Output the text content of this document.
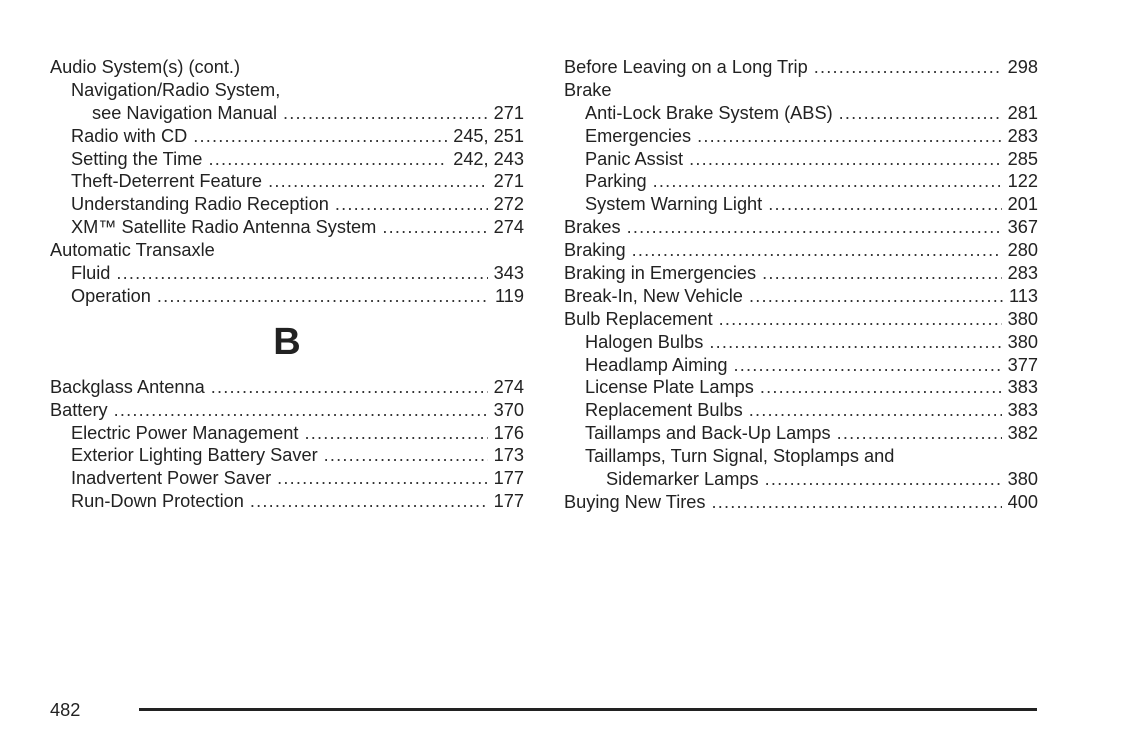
Audio System(s) (cont.)
Navigation/Radio System,
see Navigation Manual .....	271
Radio with CD .....	245, 251
Setting the Time .....	242, 243
Theft-Deterrent Feature .....	271
Understanding Radio Reception .....	272
XM™ Satellite Radio Antenna System .....	274
Automatic Transaxle
Fluid .....	343
Operation .....	119
B
Backglass Antenna .....	274
Battery .....	370
Electric Power Management .....	176
Exterior Lighting Battery Saver .....	173
Inadvertent Power Saver .....	177
Run-Down Protection .....	177
Before Leaving on a Long Trip .....	298
Brake
Anti-Lock Brake System (ABS) .....	281
Emergencies .....	283
Panic Assist .....	285
Parking .....	122
System Warning Light .....	201
Brakes .....	367
Braking .....	280
Braking in Emergencies .....	283
Break-In, New Vehicle .....	113
Bulb Replacement .....	380
Halogen Bulbs .....	380
Headlamp Aiming .....	377
License Plate Lamps .....	383
Replacement Bulbs .....	383
Taillamps and Back-Up Lamps .....	382
Taillamps, Turn Signal, Stoplamps and
Sidemarker Lamps .....	380
Buying New Tires .....	400
482
